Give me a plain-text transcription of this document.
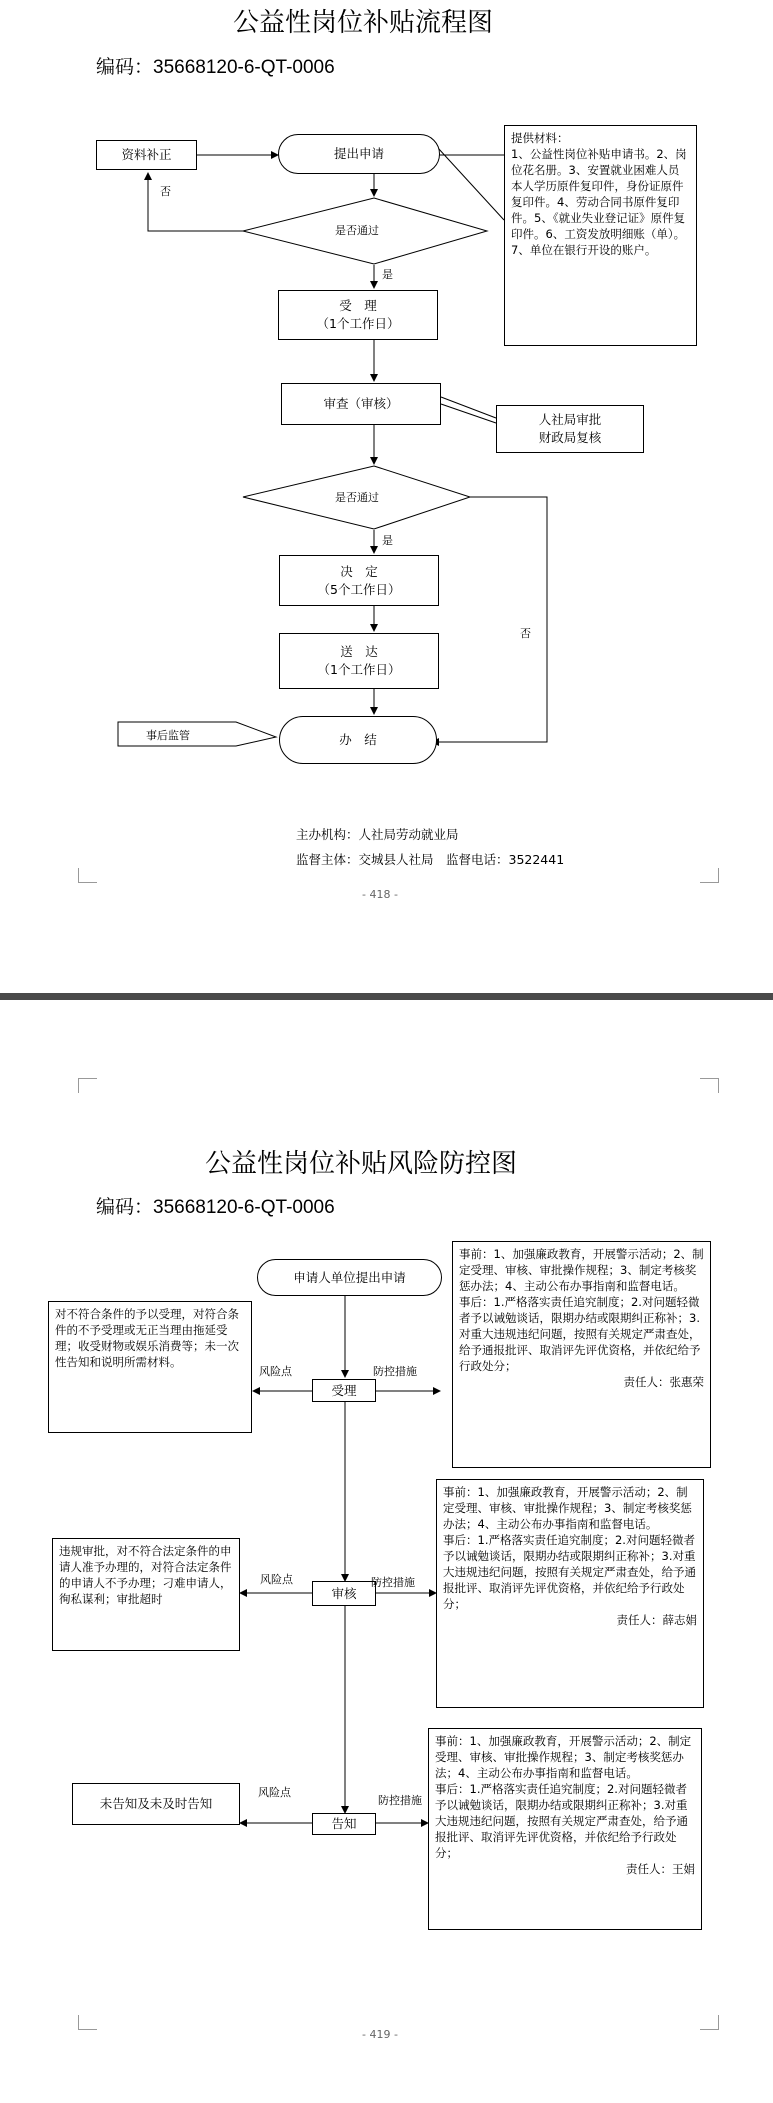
公益性岗位补贴流程图
编码：35668120-6-QT-0006
资料补正	提出申请
否
是否通过
是
受　理
（1个工作日）
审查（审核）
是否通过
是
否
决　定
（5个工作日）
送　达
（1个工作日）
办　结
事后监管
提供材料：
1、公益性岗位补贴申请书。2、岗位花名册。3、安置就业困难人员本人学历原件复印件，身份证原件复印件。4、劳动合同书原件复印件。5、《就业失业登记证》原件复印件。6、工资发放明细账（单）。7、单位在银行开设的账户。
人社局审批
财政局复核
主办机构：人社局劳动就业局
监督主体：交城县人社局　监督电话：3522441
- 418 -
公益性岗位补贴风险防控图
编码：35668120-6-QT-0006
申请人单位提出申请
受理
风险点	防控措施
对不符合条件的予以受理，对符合条件的不予受理或无正当理由拖延受理；收受财物或娱乐消费等；未一次性告知和说明所需材料。
事前：1、加强廉政教育，开展警示活动；2、制定受理、审核、审批操作规程；3、制定考核奖惩办法；4、主动公布办事指南和监督电话。
事后：1.严格落实责任追究制度；2.对问题轻微者予以诫勉谈话，限期办结或限期纠正称补；3.对重大违规违纪问题，按照有关规定严肃查处，给予通报批评、取消评先评优资格，并依纪给予行政处分；
责任人：张惠荣
审核
风险点	防控措施
违规审批，对不符合法定条件的申请人准予办理的，对符合法定条件的申请人不予办理；刁难申请人，徇私谋利；审批超时
事前：1、加强廉政教育，开展警示活动；2、制定受理、审核、审批操作规程；3、制定考核奖惩办法；4、主动公布办事指南和监督电话。
事后：1.严格落实责任追究制度；2.对问题轻微者予以诫勉谈话，限期办结或限期纠正称补；3.对重大违规违纪问题，按照有关规定严肃查处，给予通报批评、取消评先评优资格，并依纪给予行政处分；
责任人：薛志娟
告知
风险点
防控措施
未告知及未及时告知
事前：1、加强廉政教育，开展警示活动；2、制定受理、审核、审批操作规程；3、制定考核奖惩办法；4、主动公布办事指南和监督电话。
事后：1.严格落实责任追究制度；2.对问题轻微者予以诫勉谈话，限期办结或限期纠正称补；3.对重大违规违纪问题，按照有关规定严肃查处，给予通报批评、取消评先评优资格，并依纪给予行政处分；
责任人：王娟
- 419 -
